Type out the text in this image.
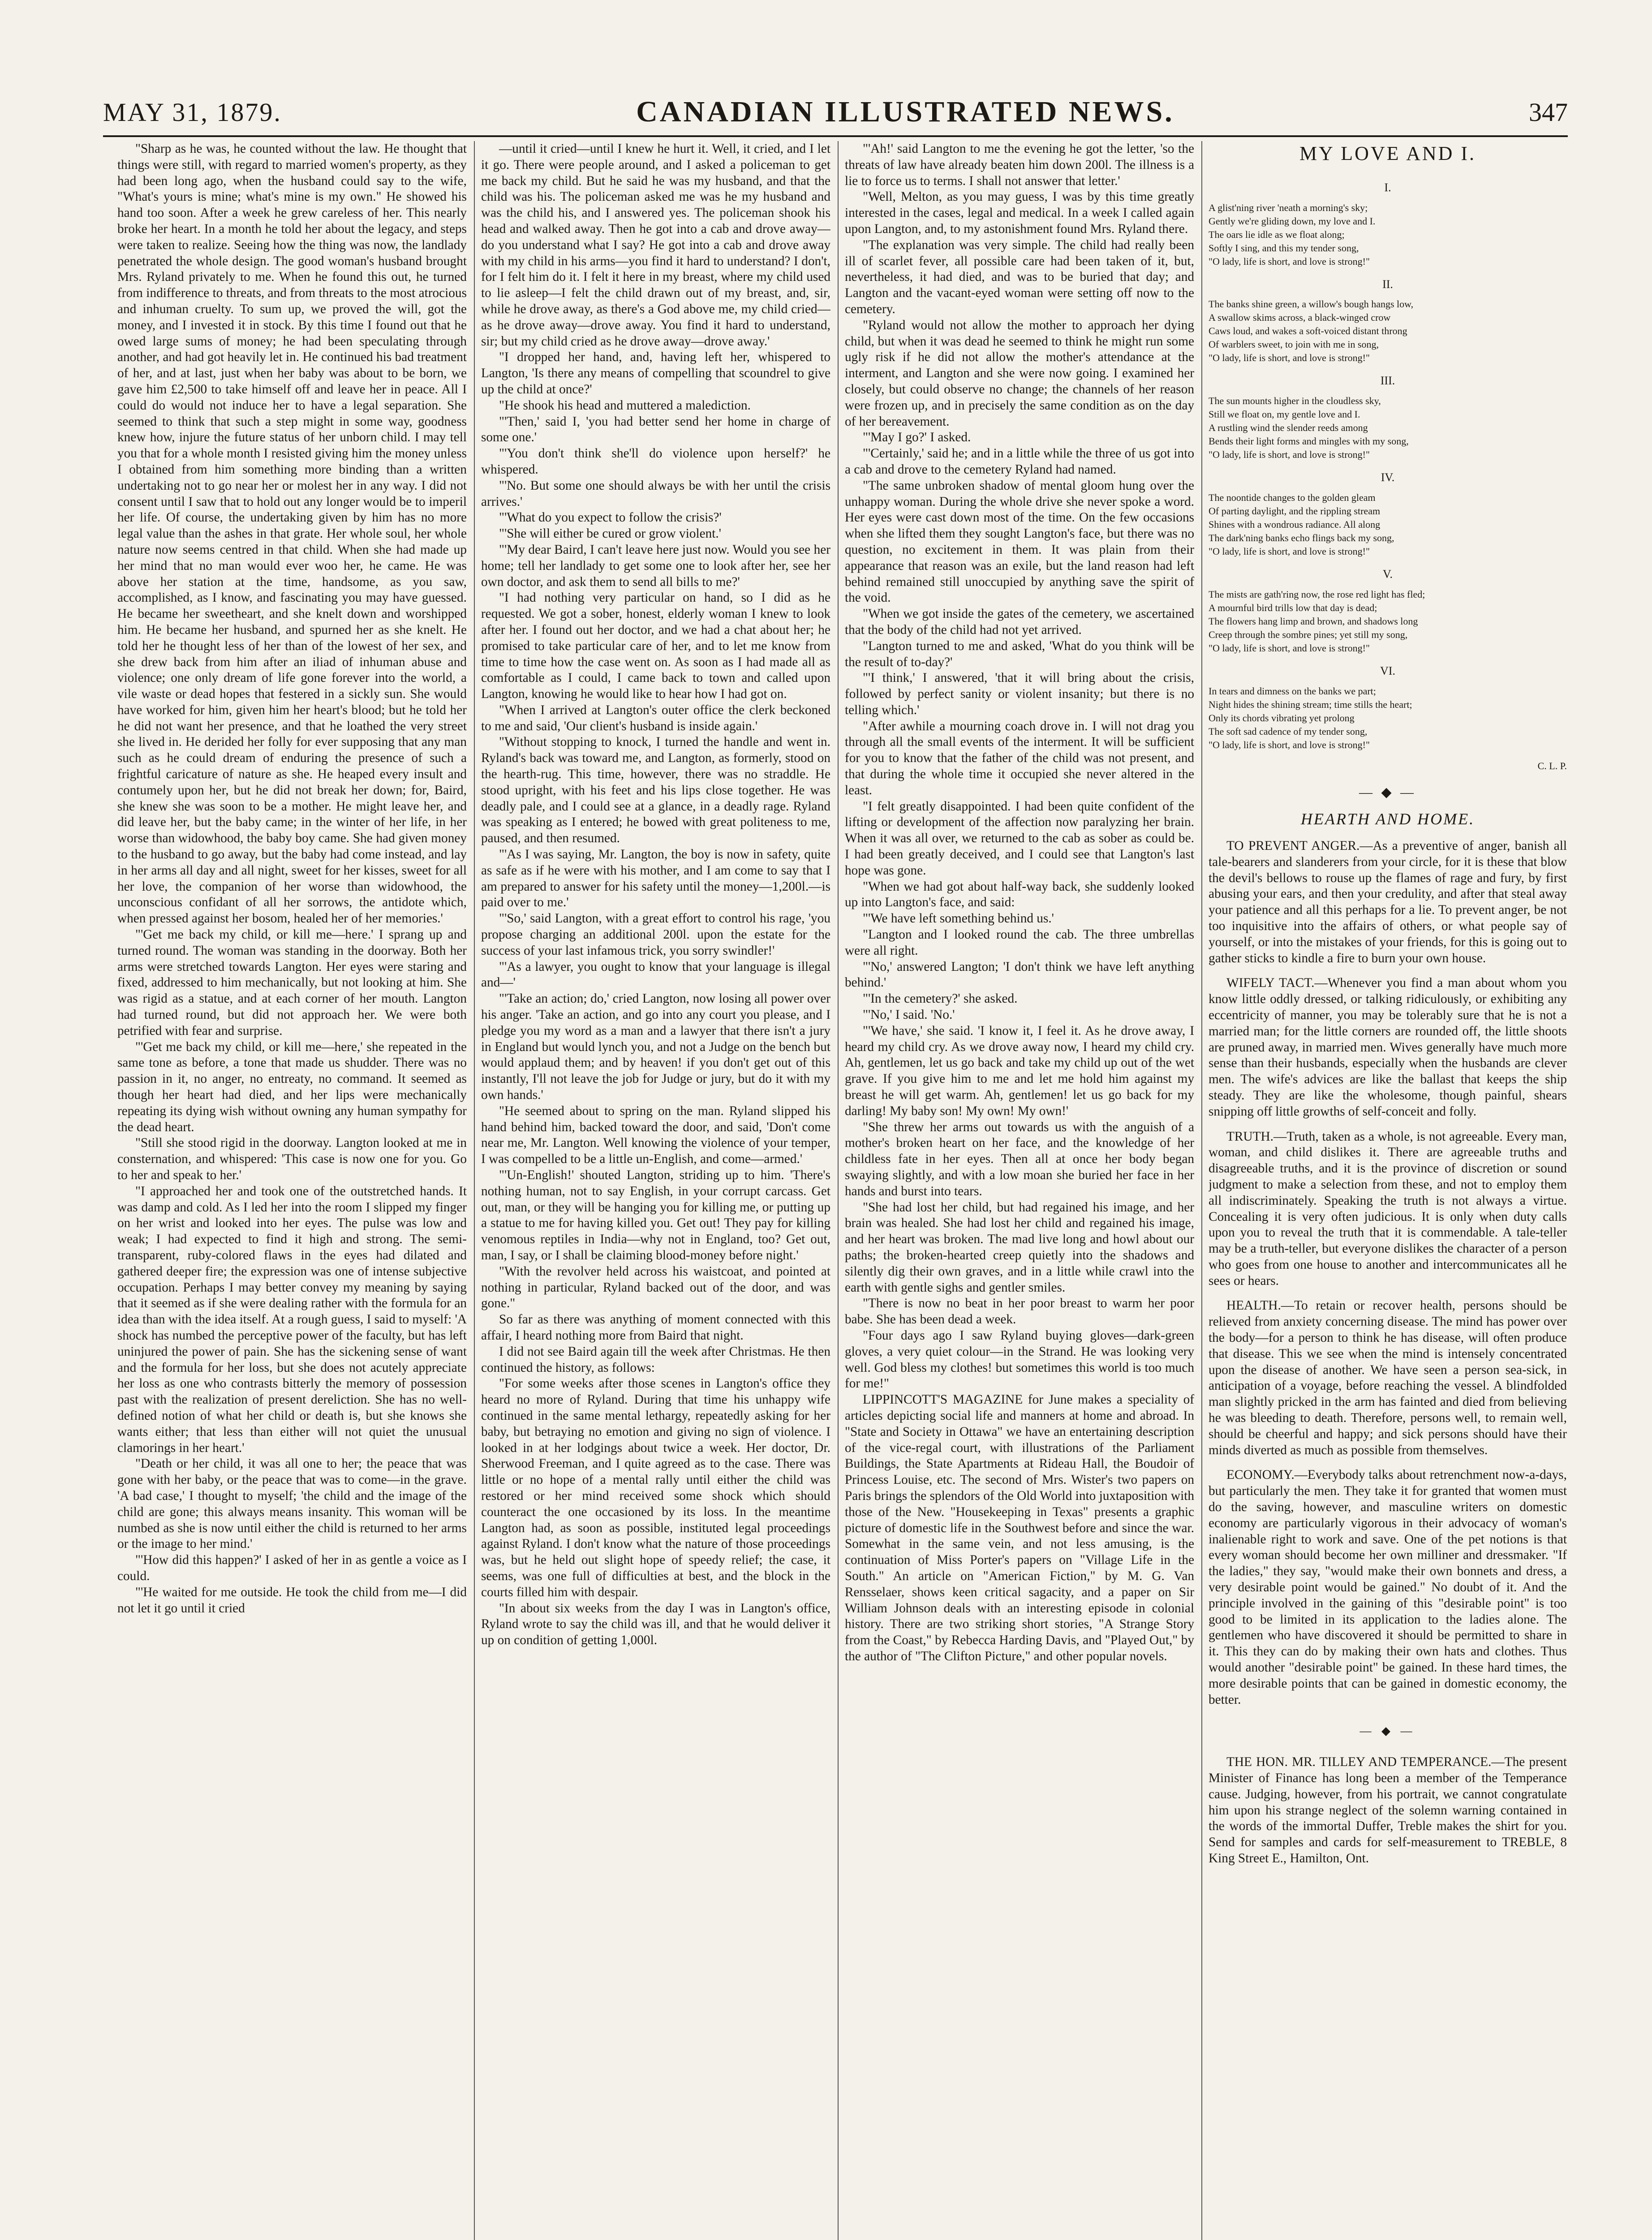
MAY 31, 1879.	CANADIAN ILLUSTRATED NEWS.	347

"Sharp as he was, he counted without the law. He thought that things were still, with regard to married women's property, as they had been long ago, when the husband could say to the wife, "What's yours is mine; what's mine is my own." He showed his hand too soon. After a week he grew careless of her. This nearly broke her heart. In a month he told her about the legacy, and steps were taken to realize. Seeing how the thing was now, the landlady penetrated the whole design. The good woman's husband brought Mrs. Ryland privately to me. When he found this out, he turned from indifference to threats, and from threats to the most atrocious and inhuman cruelty. To sum up, we proved the will, got the money, and I invested it in stock. By this time I found out that he owed large sums of money; he had been speculating through another, and had got heavily let in. He continued his bad treatment of her, and at last, just when her baby was about to be born, we gave him £2,500 to take himself off and leave her in peace. All I could do would not induce her to have a legal separation. She seemed to think that such a step might in some way, goodness knew how, injure the future status of her unborn child. I may tell you that for a whole month I resisted giving him the money unless I obtained from him something more binding than a written undertaking not to go near her or molest her in any way. I did not consent until I saw that to hold out any longer would be to imperil her life. Of course, the undertaking given by him has no more legal value than the ashes in that grate. Her whole soul, her whole nature now seems centred in that child. When she had made up her mind that no man would ever woo her, he came. He was above her station at the time, handsome, as you saw, accomplished, as I know, and fascinating you may have guessed. He became her sweetheart, and she knelt down and worshipped him. He became her husband, and spurned her as she knelt. He told her he thought less of her than of the lowest of her sex, and she drew back from him after an iliad of inhuman abuse and violence; one only dream of life gone forever into the world, a vile waste or dead hopes that festered in a sickly sun. She would have worked for him, given him her heart's blood; but he told her he did not want her presence, and that he loathed the very street she lived in. He derided her folly for ever supposing that any man such as he could dream of enduring the presence of such a frightful caricature of nature as she. He heaped every insult and contumely upon her, but he did not break her down; for, Baird, she knew she was soon to be a mother. He might leave her, and did leave her, but the baby came; in the winter of her life, in her worse than widowhood, the baby boy came. She had given money to the husband to go away, but the baby had come instead, and lay in her arms all day and all night, sweet for her kisses, sweet for all her love, the companion of her worse than widowhood, the unconscious confidant of all her sorrows, the antidote which, when pressed against her bosom, healed her of her memories.'

"'Get me back my child, or kill me—here.' I sprang up and turned round. The woman was standing in the doorway. Both her arms were stretched towards Langton. Her eyes were staring and fixed, addressed to him mechanically, but not looking at him. She was rigid as a statue, and at each corner of her mouth. Langton had turned round, but did not approach her. We were both petrified with fear and surprise.

"'Get me back my child, or kill me—here,' she repeated in the same tone as before, a tone that made us shudder. There was no passion in it, no anger, no entreaty, no command. It seemed as though her heart had died, and her lips were mechanically repeating its dying wish without owning any human sympathy for the dead heart.

"Still she stood rigid in the doorway. Langton looked at me in consternation, and whispered: 'This case is now one for you. Go to her and speak to her.'

"I approached her and took one of the outstretched hands. It was damp and cold. As I led her into the room I slipped my finger on her wrist and looked into her eyes. The pulse was low and weak; I had expected to find it high and strong. The semi-transparent, ruby-colored flaws in the eyes had dilated and gathered deeper fire; the expression was one of intense subjective occupation. Perhaps I may better convey my meaning by saying that it seemed as if she were dealing rather with the formula for an idea than with the idea itself. At a rough guess, I said to myself: 'A shock has numbed the perceptive power of the faculty, but has left uninjured the power of pain. She has the sickening sense of want and the formula for her loss, but she does not acutely appreciate her loss as one who contrasts bitterly the memory of possession past with the realization of present dereliction. She has no well-defined notion of what her child or death is, but she knows she wants either; that less than either will not quiet the unusual clamorings in her heart.'

"Death or her child, it was all one to her; the peace that was gone with her baby, or the peace that was to come—in the grave. 'A bad case,' I thought to myself; 'the child and the image of the child are gone; this always means insanity. This woman will be numbed as she is now until either the child is returned to her arms or the image to her mind.'

"'How did this happen?' I asked of her in as gentle a voice as I could.

"'He waited for me outside. He took the child from me—I did not let it go until it cried

—until it cried—until I knew he hurt it. Well, it cried, and I let it go. There were people around, and I asked a policeman to get me back my child. But he said he was my husband, and that the child was his. The policeman asked me was he my husband and was the child his, and I answered yes. The policeman shook his head and walked away. Then he got into a cab and drove away—do you understand what I say? He got into a cab and drove away with my child in his arms—you find it hard to understand? I don't, for I felt him do it. I felt it here in my breast, where my child used to lie asleep—I felt the child drawn out of my breast, and, sir, while he drove away, as there's a God above me, my child cried—as he drove away—drove away. You find it hard to understand, sir; but my child cried as he drove away—drove away.'

"I dropped her hand, and, having left her, whispered to Langton, 'Is there any means of compelling that scoundrel to give up the child at once?'

"He shook his head and muttered a malediction.

"'Then,' said I, 'you had better send her home in charge of some one.'

"'You don't think she'll do violence upon herself?' he whispered.

"'No. But some one should always be with her until the crisis arrives.'

"'What do you expect to follow the crisis?'

"'She will either be cured or grow violent.'

"'My dear Baird, I can't leave here just now. Would you see her home; tell her landlady to get some one to look after her, see her own doctor, and ask them to send all bills to me?'

"I had nothing very particular on hand, so I did as he requested. We got a sober, honest, elderly woman I knew to look after her. I found out her doctor, and we had a chat about her; he promised to take particular care of her, and to let me know from time to time how the case went on. As soon as I had made all as comfortable as I could, I came back to town and called upon Langton, knowing he would like to hear how I had got on.

"When I arrived at Langton's outer office the clerk beckoned to me and said, 'Our client's husband is inside again.'

"Without stopping to knock, I turned the handle and went in. Ryland's back was toward me, and Langton, as formerly, stood on the hearth-rug. This time, however, there was no straddle. He stood upright, with his feet and his lips close together. He was deadly pale, and I could see at a glance, in a deadly rage. Ryland was speaking as I entered; he bowed with great politeness to me, paused, and then resumed.

"'As I was saying, Mr. Langton, the boy is now in safety, quite as safe as if he were with his mother, and I am come to say that I am prepared to answer for his safety until the money—1,200l.—is paid over to me.'

"'So,' said Langton, with a great effort to control his rage, 'you propose charging an additional 200l. upon the estate for the success of your last infamous trick, you sorry swindler!'

"'As a lawyer, you ought to know that your language is illegal and—'

"'Take an action; do,' cried Langton, now losing all power over his anger. 'Take an action, and go into any court you please, and I pledge you my word as a man and a lawyer that there isn't a jury in England but would lynch you, and not a Judge on the bench but would applaud them; and by heaven! if you don't get out of this instantly, I'll not leave the job for Judge or jury, but do it with my own hands.'

"He seemed about to spring on the man. Ryland slipped his hand behind him, backed toward the door, and said, 'Don't come near me, Mr. Langton. Well knowing the violence of your temper, I was compelled to be a little un-English, and come—armed.'

"'Un-English!' shouted Langton, striding up to him. 'There's nothing human, not to say English, in your corrupt carcass. Get out, man, or they will be hanging you for killing me, or putting up a statue to me for having killed you. Get out! They pay for killing venomous reptiles in India—why not in England, too? Get out, man, I say, or I shall be claiming blood-money before night.'

"With the revolver held across his waistcoat, and pointed at nothing in particular, Ryland backed out of the door, and was gone."

So far as there was anything of moment connected with this affair, I heard nothing more from Baird that night.

I did not see Baird again till the week after Christmas. He then continued the history, as follows:

"For some weeks after those scenes in Langton's office they heard no more of Ryland. During that time his unhappy wife continued in the same mental lethargy, repeatedly asking for her baby, but betraying no emotion and giving no sign of violence. I looked in at her lodgings about twice a week. Her doctor, Dr. Sherwood Freeman, and I quite agreed as to the case. There was little or no hope of a mental rally until either the child was restored or her mind received some shock which should counteract the one occasioned by its loss. In the meantime Langton had, as soon as possible, instituted legal proceedings against Ryland. I don't know what the nature of those proceedings was, but he held out slight hope of speedy relief; the case, it seems, was one full of difficulties at best, and the block in the courts filled him with despair.

"In about six weeks from the day I was in Langton's office, Ryland wrote to say the child was ill, and that he would deliver it up on condition of getting 1,000l.

"'Ah!' said Langton to me the evening he got the letter, 'so the threats of law have already beaten him down 200l. The illness is a lie to force us to terms. I shall not answer that letter.'

"Well, Melton, as you may guess, I was by this time greatly interested in the cases, legal and medical. In a week I called again upon Langton, and, to my astonishment found Mrs. Ryland there.

"The explanation was very simple. The child had really been ill of scarlet fever, all possible care had been taken of it, but, nevertheless, it had died, and was to be buried that day; and Langton and the vacant-eyed woman were setting off now to the cemetery.

"Ryland would not allow the mother to approach her dying child, but when it was dead he seemed to think he might run some ugly risk if he did not allow the mother's attendance at the interment, and Langton and she were now going. I examined her closely, but could observe no change; the channels of her reason were frozen up, and in precisely the same condition as on the day of her bereavement.

"'May I go?' I asked.

"'Certainly,' said he; and in a little while the three of us got into a cab and drove to the cemetery Ryland had named.

"The same unbroken shadow of mental gloom hung over the unhappy woman. During the whole drive she never spoke a word. Her eyes were cast down most of the time. On the few occasions when she lifted them they sought Langton's face, but there was no question, no excitement in them. It was plain from their appearance that reason was an exile, but the land reason had left behind remained still unoccupied by anything save the spirit of the void.

"When we got inside the gates of the cemetery, we ascertained that the body of the child had not yet arrived.

"Langton turned to me and asked, 'What do you think will be the result of to-day?'

"'I think,' I answered, 'that it will bring about the crisis, followed by perfect sanity or violent insanity; but there is no telling which.'

"After awhile a mourning coach drove in. I will not drag you through all the small events of the interment. It will be sufficient for you to know that the father of the child was not present, and that during the whole time it occupied she never altered in the least.

"I felt greatly disappointed. I had been quite confident of the lifting or development of the affection now paralyzing her brain. When it was all over, we returned to the cab as sober as could be. I had been greatly deceived, and I could see that Langton's last hope was gone.

"When we had got about half-way back, she suddenly looked up into Langton's face, and said:

"'We have left something behind us.'

"Langton and I looked round the cab. The three umbrellas were all right.

"'No,' answered Langton; 'I don't think we have left anything behind.'

"'In the cemetery?' she asked.

"'No,' I said. 'No.'

"'We have,' she said. 'I know it, I feel it. As he drove away, I heard my child cry. As we drove away now, I heard my child cry. Ah, gentlemen, let us go back and take my child up out of the wet grave. If you give him to me and let me hold him against my breast he will get warm. Ah, gentlemen! let us go back for my darling! My baby son! My own! My own!'

"She threw her arms out towards us with the anguish of a mother's broken heart on her face, and the knowledge of her childless fate in her eyes. Then all at once her body began swaying slightly, and with a low moan she buried her face in her hands and burst into tears.

"She had lost her child, but had regained his image, and her brain was healed. She had lost her child and regained his image, and her heart was broken. The mad live long and howl about our paths; the broken-hearted creep quietly into the shadows and silently dig their own graves, and in a little while crawl into the earth with gentle sighs and gentler smiles.

"There is now no beat in her poor breast to warm her poor babe. She has been dead a week.

"Four days ago I saw Ryland buying gloves—dark-green gloves, a very quiet colour—in the Strand. He was looking very well. God bless my clothes! but sometimes this world is too much for me!"

LIPPINCOTT'S MAGAZINE for June makes a speciality of articles depicting social life and manners at home and abroad. In "State and Society in Ottawa" we have an entertaining description of the vice-regal court, with illustrations of the Parliament Buildings, the State Apartments at Rideau Hall, the Boudoir of Princess Louise, etc. The second of Mrs. Wister's two papers on Paris brings the splendors of the Old World into juxtaposition with those of the New. "Housekeeping in Texas" presents a graphic picture of domestic life in the Southwest before and since the war. Somewhat in the same vein, and not less amusing, is the continuation of Miss Porter's papers on "Village Life in the South." An article on "American Fiction," by M. G. Van Rensselaer, shows keen critical sagacity, and a paper on Sir William Johnson deals with an interesting episode in colonial history. There are two striking short stories, "A Strange Story from the Coast," by Rebecca Harding Davis, and "Played Out," by the author of "The Clifton Picture," and other popular novels.

MY LOVE AND I.
I.

A glist'ning river 'neath a morning's sky;

Gently we're gliding down, my love and I.

The oars lie idle as we float along;

Softly I sing, and this my tender song,

"O lady, life is short, and love is strong!"

II.

The banks shine green, a willow's bough hangs low,

A swallow skims across, a black-winged crow

Caws loud, and wakes a soft-voiced distant throng

Of warblers sweet, to join with me in song,

"O lady, life is short, and love is strong!"

III.

The sun mounts higher in the cloudless sky,

Still we float on, my gentle love and I.

A rustling wind the slender reeds among

Bends their light forms and mingles with my song,

"O lady, life is short, and love is strong!"

IV.

The noontide changes to the golden gleam

Of parting daylight, and the rippling stream

Shines with a wondrous radiance. All along

The dark'ning banks echo flings back my song,

"O lady, life is short, and love is strong!"

V.

The mists are gath'ring now, the rose red light has fled;

A mournful bird trills low that day is dead;

The flowers hang limp and brown, and shadows long

Creep through the sombre pines; yet still my song,

"O lady, life is short, and love is strong!"

VI.

In tears and dimness on the banks we part;

Night hides the shining stream; time stills the heart;

Only its chords vibrating yet prolong

The soft sad cadence of my tender song,

"O lady, life is short, and love is strong!"

C. L. P.
— ◆ —
HEARTH AND HOME.

TO PREVENT ANGER.—As a preventive of anger, banish all tale-bearers and slanderers from your circle, for it is these that blow the devil's bellows to rouse up the flames of rage and fury, by first abusing your ears, and then your credulity, and after that steal away your patience and all this perhaps for a lie. To prevent anger, be not too inquisitive into the affairs of others, or what people say of yourself, or into the mistakes of your friends, for this is going out to gather sticks to kindle a fire to burn your own house.

WIFELY TACT.—Whenever you find a man about whom you know little oddly dressed, or talking ridiculously, or exhibiting any eccentricity of manner, you may be tolerably sure that he is not a married man; for the little corners are rounded off, the little shoots are pruned away, in married men. Wives generally have much more sense than their husbands, especially when the husbands are clever men. The wife's advices are like the ballast that keeps the ship steady. They are like the wholesome, though painful, shears snipping off little growths of self-conceit and folly.

TRUTH.—Truth, taken as a whole, is not agreeable. Every man, woman, and child dislikes it. There are agreeable truths and disagreeable truths, and it is the province of discretion or sound judgment to make a selection from these, and not to employ them all indiscriminately. Speaking the truth is not always a virtue. Concealing it is very often judicious. It is only when duty calls upon you to reveal the truth that it is commendable. A tale-teller may be a truth-teller, but everyone dislikes the character of a person who goes from one house to another and intercommunicates all he sees or hears.

HEALTH.—To retain or recover health, persons should be relieved from anxiety concerning disease. The mind has power over the body—for a person to think he has disease, will often produce that disease. This we see when the mind is intensely concentrated upon the disease of another. We have seen a person sea-sick, in anticipation of a voyage, before reaching the vessel. A blindfolded man slightly pricked in the arm has fainted and died from believing he was bleeding to death. Therefore, persons well, to remain well, should be cheerful and happy; and sick persons should have their minds diverted as much as possible from themselves.

ECONOMY.—Everybody talks about retrenchment now-a-days, but particularly the men. They take it for granted that women must do the saving, however, and masculine writers on domestic economy are particularly vigorous in their advocacy of woman's inalienable right to work and save. One of the pet notions is that every woman should become her own milliner and dressmaker. "If the ladies," they say, "would make their own bonnets and dress, a very desirable point would be gained." No doubt of it. And the principle involved in the gaining of this "desirable point" is too good to be limited in its application to the ladies alone. The gentlemen who have discovered it should be permitted to share in it. This they can do by making their own hats and clothes. Thus would another "desirable point" be gained. In these hard times, the more desirable points that can be gained in domestic economy, the better.

— ◆ —

THE HON. MR. TILLEY AND TEMPERANCE.—The present Minister of Finance has long been a member of the Temperance cause. Judging, however, from his portrait, we cannot congratulate him upon his strange neglect of the solemn warning contained in the words of the immortal Duffer, Treble makes the shirt for you. Send for samples and cards for self-measurement to TREBLE, 8 King Street E., Hamilton, Ont.
